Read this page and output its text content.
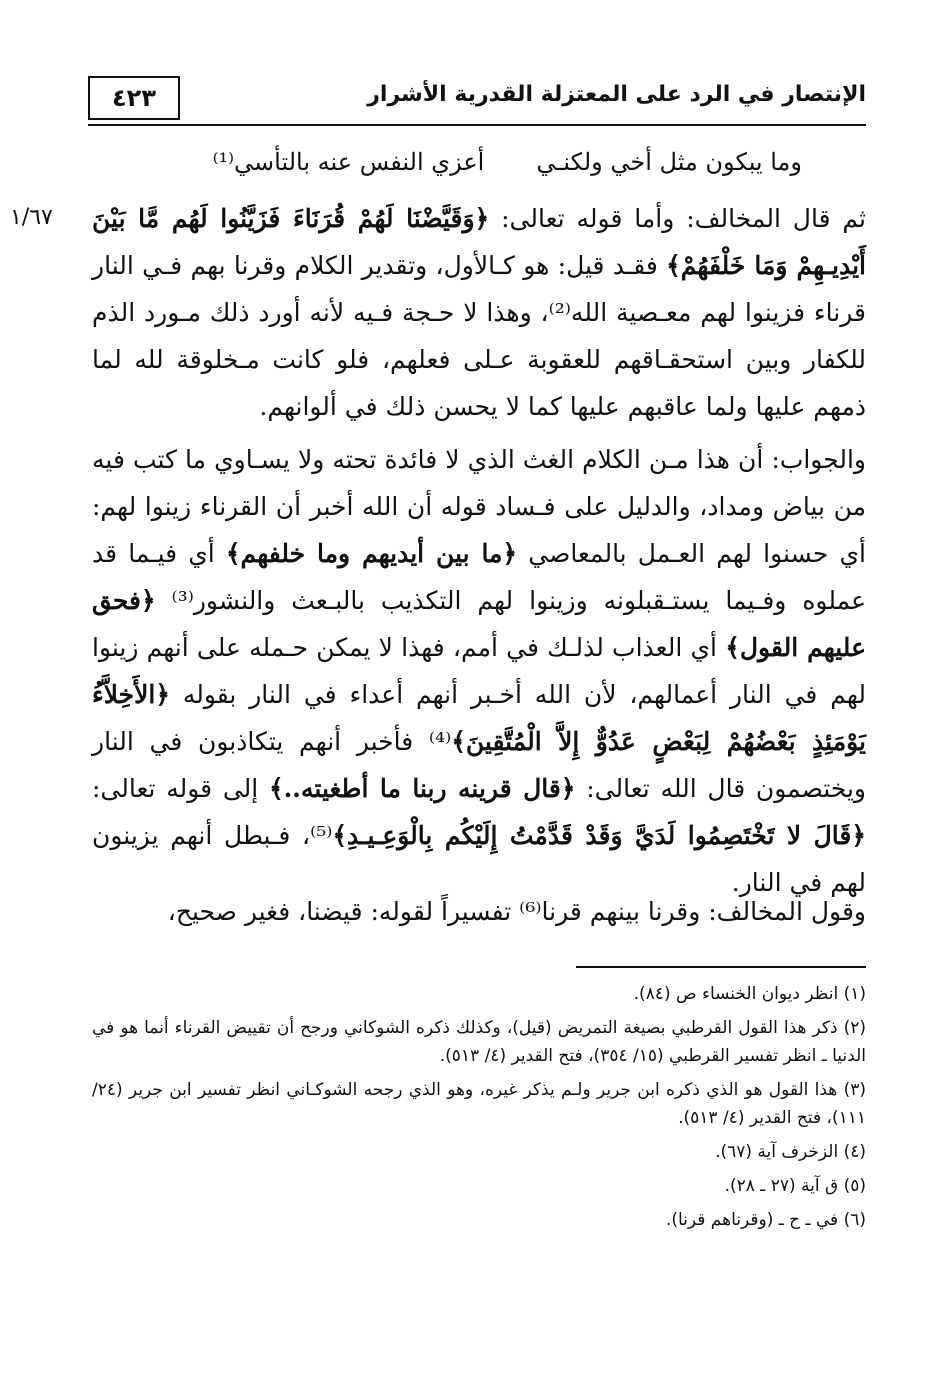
٤٢٣	الإنتصار في الرد على المعتزلة القدرية الأشرار
وما يبكون مثل أخي ولكنـيأعزي النفس عنه بالتأسي⁽¹⁾
١/٦٧	ثم قال المخالف: وأما قوله تعالى: ﴿وَقَيَّضْنَا لَهُمْ قُرَنَاءَ فَزَيَّنُوا لَهُم مَّا بَيْنَ أَيْدِيـهِمْ وَمَا خَلْفَهُمْ﴾ فقـد قيل: هو كـالأول، وتقدير الكلام وقرنا بهم فـي النار قرناء فزينوا لهم معـصية الله⁽²⁾، وهذا لا حـجة فـيه لأنه أورد ذلك مـورد الذم للكفار وبين استحقـاقهم للعقوبة عـلى فعلهم، فلو كانت مـخلوقة لله لما ذمهم عليها ولما عاقبهم عليها كما لا يحسن ذلك في ألوانهم.
والجواب: أن هذا مـن الكلام الغث الذي لا فائدة تحته ولا يسـاوي ما كتب فيه من بياض ومداد، والدليل على فـساد قوله أن الله أخبر أن القرناء زينوا لهم: أي حسنوا لهم العـمل بالمعاصي ﴿ما بين أيديهم وما خلفهم﴾ أي فيـما قد عملوه وفـيما يستـقبلونه وزينوا لهم التكذيب بالبـعث والنشور⁽³⁾ ﴿فحق عليهم القول﴾ أي العذاب لذلـك في أمم، فهذا لا يمكن حـمله على أنهم زينوا لهم في النار أعمالهم، لأن الله أخـبر أنهم أعداء في النار بقوله ﴿الأَخِلاَّءُ يَوْمَئِذٍ بَعْضُهُمْ لِبَعْضٍ عَدُوٌّ إِلاَّ الْمُتَّقِينَ﴾⁽⁴⁾ فأخبر أنهم يتكاذبون في النار ويختصمون قال الله تعالى: ﴿قال قرينه ربنا ما أطغيته..﴾ إلى قوله تعالى: ﴿قَالَ لا تَخْتَصِمُوا لَدَيَّ وَقَدْ قَدَّمْتُ إِلَيْكُم بِالْوَعِـيـدِ﴾⁽⁵⁾، فـبطل أنهم يزينون لهم في النار.
وقول المخالف: وقرنا بينهم قرنا⁽⁶⁾ تفسيراً لقوله: قيضنا، فغير صحيح،
(١) انظر ديوان الخنساء ص (٨٤).
(٢) ذكر هذا القول القرطبي بصيغة التمريض (قيل)، وكذلك ذكره الشوكاني ورجح أن تقييض القرناء أنما هو في الدنيا ـ انظر تفسير القرطبي (١٥/ ٣٥٤)، فتح القدير (٤/ ٥١٣).
(٣) هذا القول هو الذي ذكره ابن جرير ولـم يذكر غيره، وهو الذي رجحه الشوكـاني انظر تفسير ابن جرير (٢٤/ ١١١)، فتح القدير (٤/ ٥١٣).
(٤) الزخرف آية (٦٧).
(٥) ق آية (٢٧ ـ ٢٨).
(٦) في ـ ح ـ (وقرناهم قرنا).
